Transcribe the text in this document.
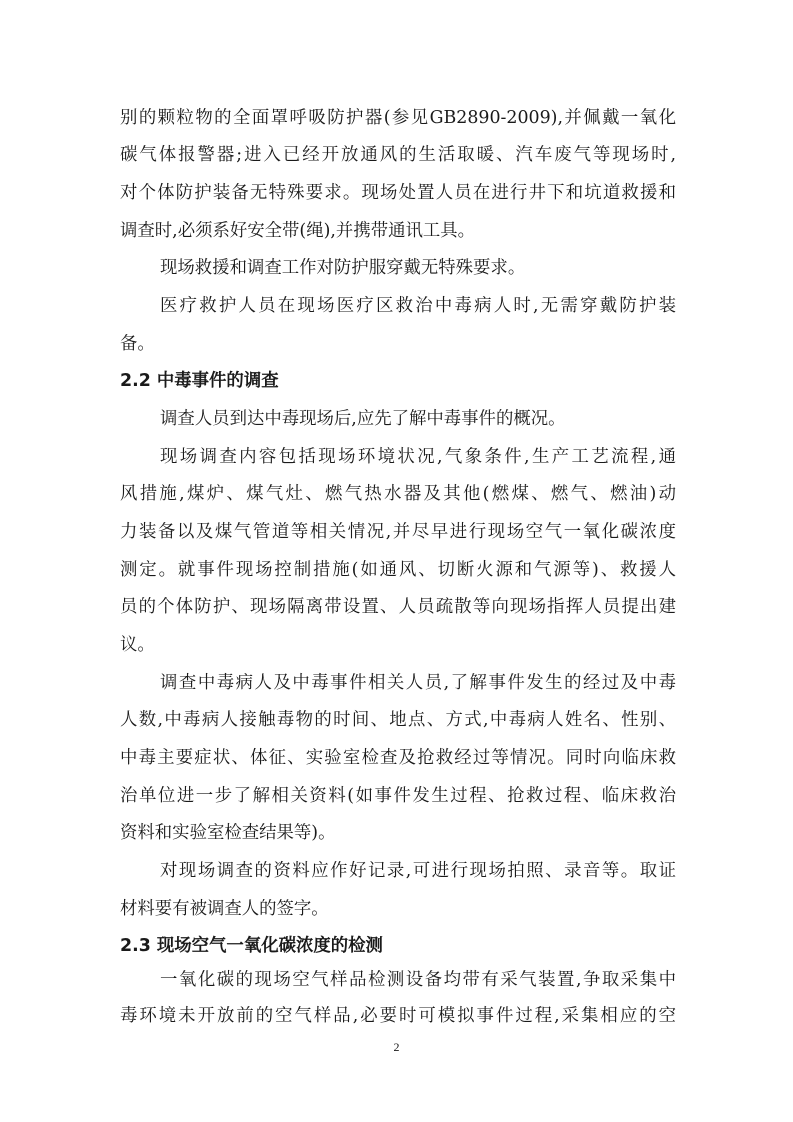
别的颗粒物的全面罩呼吸防护器(参见GB2890-2009),并佩戴一氧化
碳气体报警器;进入已经开放通风的生活取暖、汽车废气等现场时,
对个体防护装备无特殊要求。现场处置人员在进行井下和坑道救援和
调查时,必须系好安全带(绳),并携带通讯工具。
现场救援和调查工作对防护服穿戴无特殊要求。
医疗救护人员在现场医疗区救治中毒病人时,无需穿戴防护装
备。
2.2 中毒事件的调查
调查人员到达中毒现场后,应先了解中毒事件的概况。
现场调查内容包括现场环境状况,气象条件,生产工艺流程,通
风措施,煤炉、煤气灶、燃气热水器及其他(燃煤、燃气、燃油)动
力装备以及煤气管道等相关情况,并尽早进行现场空气一氧化碳浓度
测定。就事件现场控制措施(如通风、切断火源和气源等)、救援人
员的个体防护、现场隔离带设置、人员疏散等向现场指挥人员提出建
议。
调查中毒病人及中毒事件相关人员,了解事件发生的经过及中毒
人数,中毒病人接触毒物的时间、地点、方式,中毒病人姓名、性别、
中毒主要症状、体征、实验室检查及抢救经过等情况。同时向临床救
治单位进一步了解相关资料(如事件发生过程、抢救过程、临床救治
资料和实验室检查结果等)。
对现场调查的资料应作好记录,可进行现场拍照、录音等。取证
材料要有被调查人的签字。
2.3 现场空气一氧化碳浓度的检测
一氧化碳的现场空气样品检测设备均带有采气装置,争取采集中
毒环境未开放前的空气样品,必要时可模拟事件过程,采集相应的空
2
